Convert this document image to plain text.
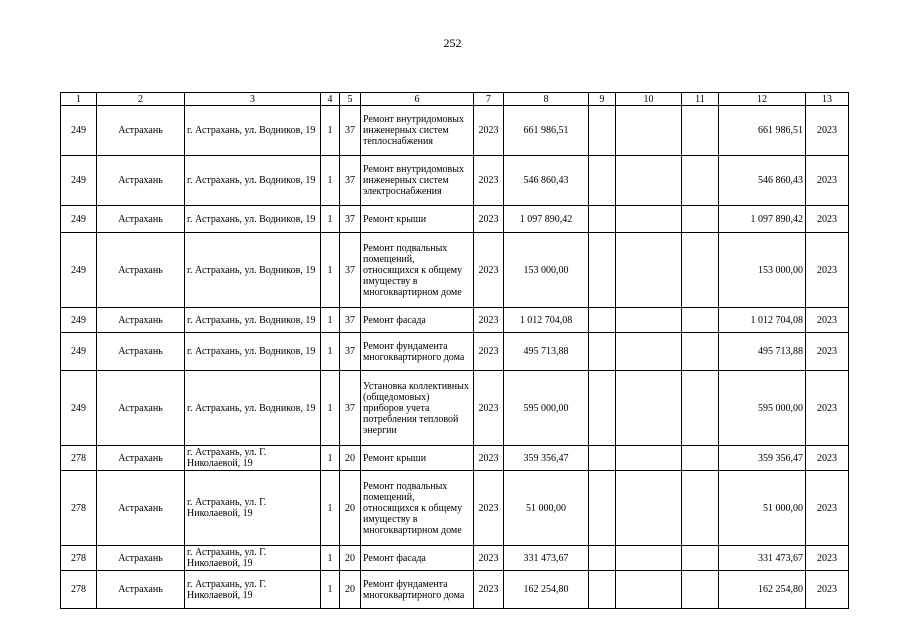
252
1	2	3	4	5	6	7	8	9	10	11	12	13
249	Астрахань	г. Астрахань, ул. Водников, 19	1	37	Ремонт внутридомовых инженерных систем теплоснабжения	2023	661 986,51				661 986,51	2023
249	Астрахань	г. Астрахань, ул. Водников, 19	1	37	Ремонт внутридомовых инженерных систем электроснабжения	2023	546 860,43				546 860,43	2023
249	Астрахань	г. Астрахань, ул. Водников, 19	1	37	Ремонт крыши	2023	1 097 890,42				1 097 890,42	2023
249	Астрахань	г. Астрахань, ул. Водников, 19	1	37	Ремонт подвальных помещений, относящихся к общему имуществу в многоквартирном доме	2023	153 000,00				153 000,00	2023
249	Астрахань	г. Астрахань, ул. Водников, 19	1	37	Ремонт фасада	2023	1 012 704,08				1 012 704,08	2023
249	Астрахань	г. Астрахань, ул. Водников, 19	1	37	Ремонт фундамента многоквартирного дома	2023	495 713,88				495 713,88	2023
249	Астрахань	г. Астрахань, ул. Водников, 19	1	37	Установка коллективных (общедомовых) приборов учета потребления тепловой энергии	2023	595 000,00				595 000,00	2023
278	Астрахань	г. Астрахань, ул. Г. Николаевой, 19	1	20	Ремонт крыши	2023	359 356,47				359 356,47	2023
278	Астрахань	г. Астрахань, ул. Г. Николаевой, 19	1	20	Ремонт подвальных помещений, относящихся к общему имуществу в многоквартирном доме	2023	51 000,00				51 000,00	2023
278	Астрахань	г. Астрахань, ул. Г. Николаевой, 19	1	20	Ремонт фасада	2023	331 473,67				331 473,67	2023
278	Астрахань	г. Астрахань, ул. Г. Николаевой, 19	1	20	Ремонт фундамента многоквартирного дома	2023	162 254,80				162 254,80	2023
